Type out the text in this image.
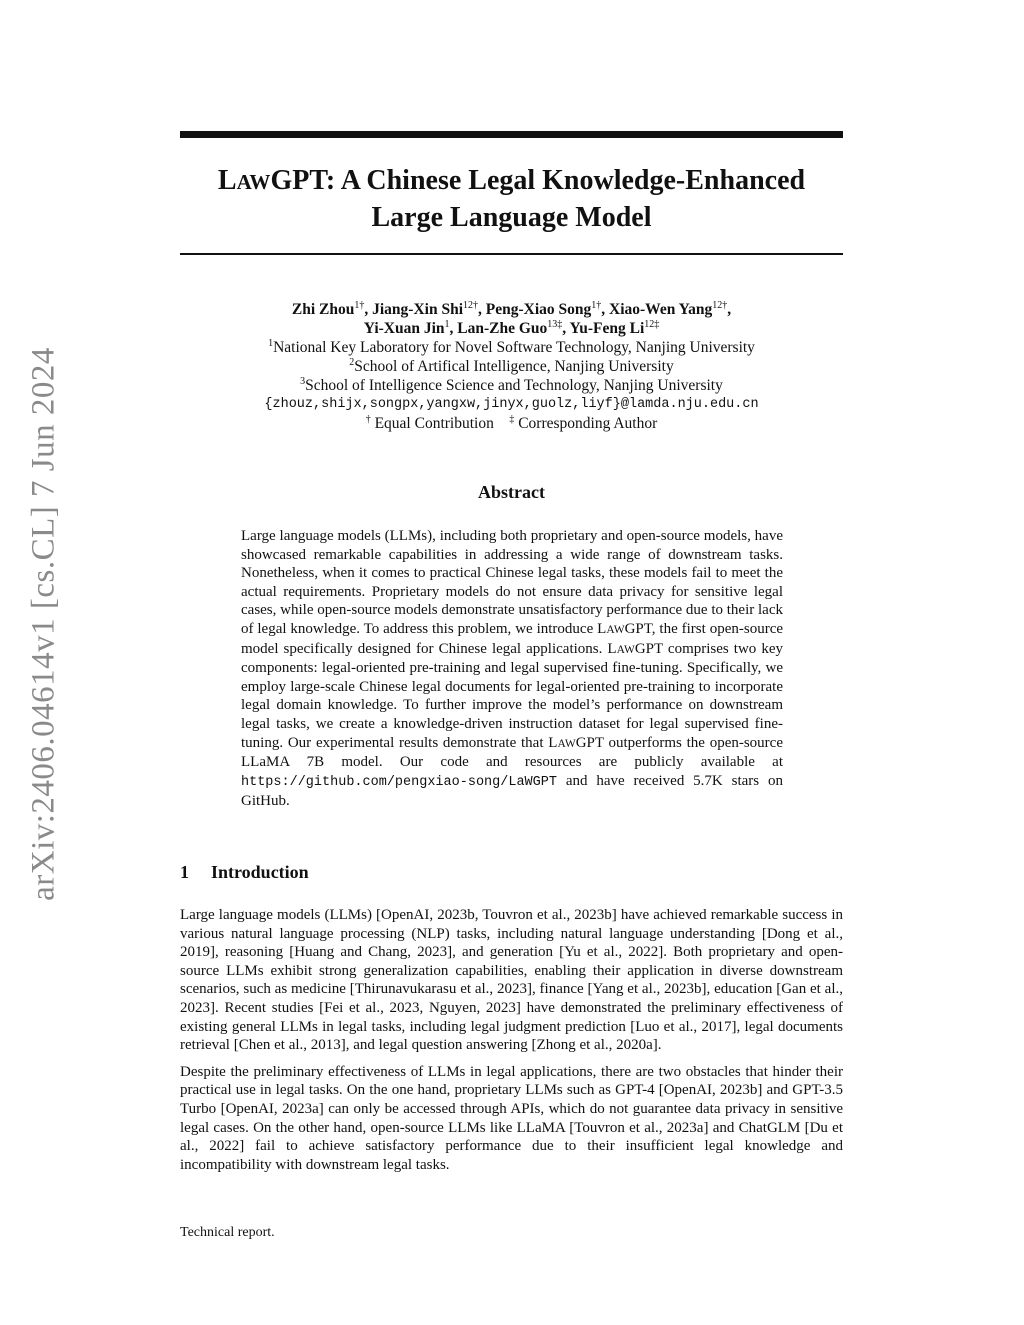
arXiv:2406.04614v1 [cs.CL] 7 Jun 2024
LAWGPT: A Chinese Legal Knowledge-Enhanced
Large Language Model
Zhi Zhou$^{1\dagger}$, Jiang-Xin Shi$^{12\dagger}$, Peng-Xiao Song$^{1\dagger}$, Xiao-Wen Yang$^{12\dagger}$,
Yi-Xuan Jin$^1$, Lan-Zhe Guo$^{13\ddagger}$, Yu-Feng $Li^{12\ddagger}$
$^1$National Key Laboratory for Novel Software Technology, Nanjing University
$^2$School of Artifical Intelligence, Nanjing University
$^3$School of Intelligence Science and Technology, Nanjing University
{zhouz,shijx,songpx,yangxw,jinyx,guolz,liyf}@lamda.nju.edu.cn
† Equal Contribution ‡ Corresponding Author
Abstract
Large language models (LLMs), including both proprietary and open-source models, have showcased remarkable capabilities in addressing a wide range of downstream tasks. Nonetheless, when it comes to practical Chinese legal tasks, these models fail to meet the actual requirements. Proprietary models do not ensure data privacy for sensitive legal cases, while open-source models demonstrate unsatisfactory performance due to their lack of legal knowledge. To address this problem, we introduce LAWGPT, the first open-source model specifically designed for Chinese legal applications. LAWGPT comprises two key components: legal-oriented pre-training and legal supervised fine-tuning. Specifically, we employ large-scale Chinese legal documents for legal-oriented pre-training to incorporate legal domain knowledge. To further improve the model’s performance on downstream legal tasks, we create a knowledge-driven instruction dataset for legal supervised fine-tuning. Our experimental results demonstrate that LAWGPT outperforms the open-source LLaMA 7B model. Our code and resources are publicly available at https://github.com/pengxiao-song/LaWGPT and have received 5.7K stars on GitHub.
1 Introduction

Large language models (LLMs) [OpenAI, 2023b, Touvron et al., 2023b] have achieved remarkable success in various natural language processing (NLP) tasks, including natural language understanding [Dong et al., 2019], reasoning [Huang and Chang, 2023], and generation [Yu et al., 2022]. Both proprietary and open-source LLMs exhibit strong generalization capabilities, enabling their application in diverse downstream scenarios, such as medicine [Thirunavukarasu et al., 2023], finance [Yang et al., 2023b], education [Gan et al., 2023]. Recent studies [Fei et al., 2023, Nguyen, 2023] have demonstrated the preliminary effectiveness of existing general LLMs in legal tasks, including legal judgment prediction [Luo et al., 2017], legal documents retrieval [Chen et al., 2013], and legal question answering [Zhong et al., 2020a].

Despite the preliminary effectiveness of LLMs in legal applications, there are two obstacles that hinder their practical use in legal tasks. On the one hand, proprietary LLMs such as GPT-4 [OpenAI, 2023b] and GPT-3.5 Turbo [OpenAI, 2023a] can only be accessed through APIs, which do not guarantee data privacy in sensitive legal cases. On the other hand, open-source LLMs like LLaMA [Touvron et al., 2023a] and ChatGLM [Du et al., 2022] fail to achieve satisfactory performance due to their insufficient legal knowledge and incompatibility with downstream legal tasks.

Technical report.
